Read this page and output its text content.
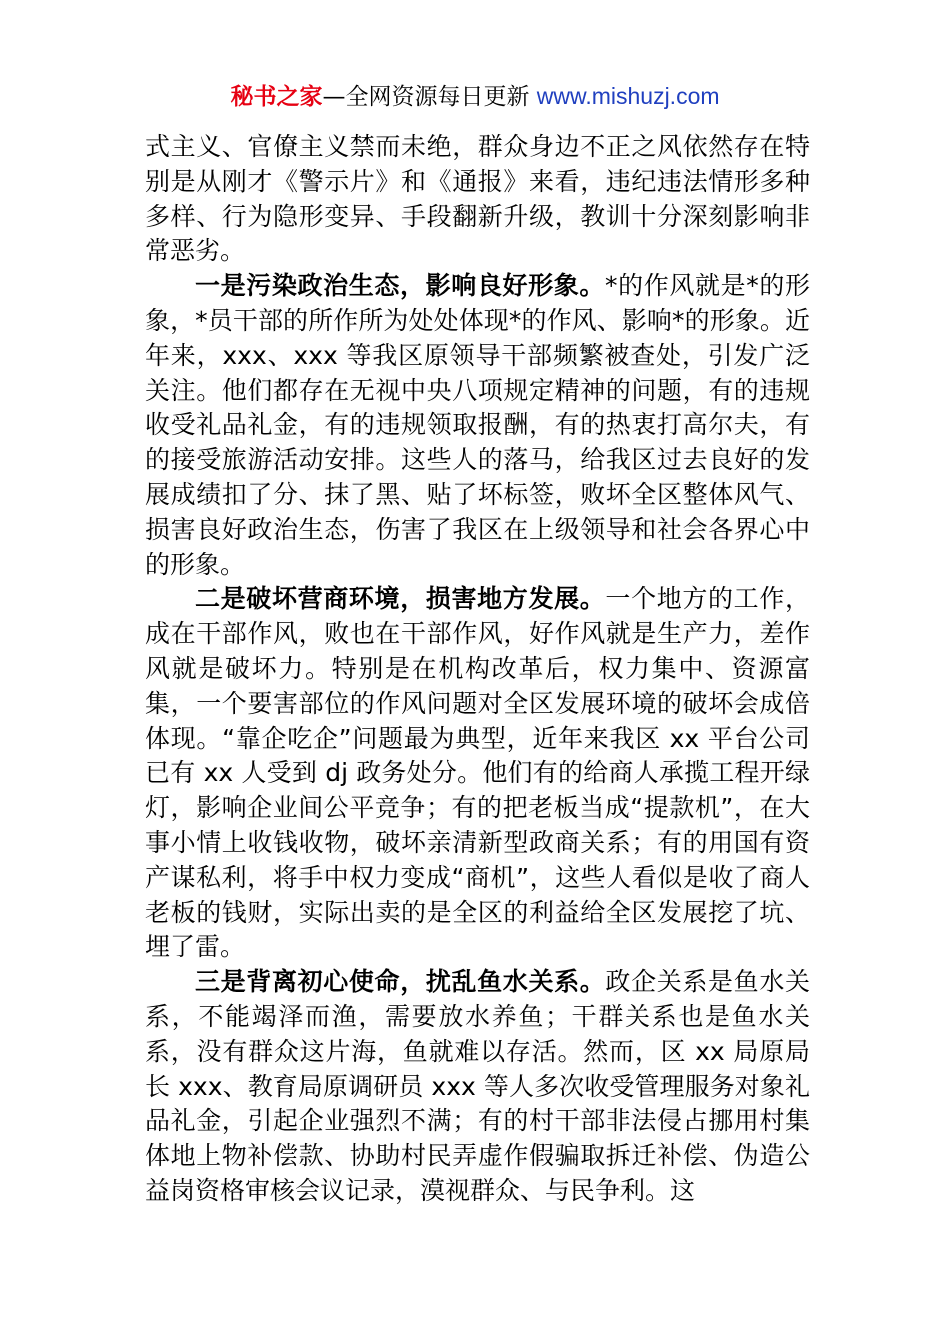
秘书之家—全网资源每日更新 www.mishuzj.com

式主义、官僚主义禁而未绝，群众身边不正之风依然存在特别是从刚才《警示片》和《通报》来看，违纪违法情形多种多样、行为隐形变异、手段翻新升级，教训十分深刻影响非常恶劣。

一是污染政治生态，影响良好形象。*的作风就是*的形象，*员干部的所作所为处处体现*的作风、影响*的形象。近年来，xxx、xxx 等我区原领导干部频繁被查处，引发广泛关注。他们都存在无视中央八项规定精神的问题，有的违规收受礼品礼金，有的违规领取报酬，有的热衷打高尔夫，有的接受旅游活动安排。这些人的落马，给我区过去良好的发展成绩扣了分、抹了黑、贴了坏标签，败坏全区整体风气、损害良好政治生态，伤害了我区在上级领导和社会各界心中的形象。

二是破坏营商环境，损害地方发展。一个地方的工作，成在干部作风，败也在干部作风，好作风就是生产力，差作风就是破坏力。特别是在机构改革后，权力集中、资源富集，一个要害部位的作风问题对全区发展环境的破坏会成倍体现。“靠企吃企”问题最为典型，近年来我区 xx 平台公司已有 xx 人受到 dj 政务处分。他们有的给商人承揽工程开绿灯，影响企业间公平竞争；有的把老板当成“提款机”，在大事小情上收钱收物，破坏亲清新型政商关系；有的用国有资产谋私利，将手中权力变成“商机”，这些人看似是收了商人老板的钱财，实际出卖的是全区的利益给全区发展挖了坑、埋了雷。

三是背离初心使命，扰乱鱼水关系。政企关系是鱼水关系，不能竭泽而渔，需要放水养鱼；干群关系也是鱼水关系，没有群众这片海，鱼就难以存活。然而，区 xx 局原局长 xxx、教育局原调研员 xxx 等人多次收受管理服务对象礼品礼金，引起企业强烈不满；有的村干部非法侵占挪用村集体地上物补偿款、协助村民弄虚作假骗取拆迁补偿、伪造公益岗资格审核会议记录，漠视群众、与民争利。这
